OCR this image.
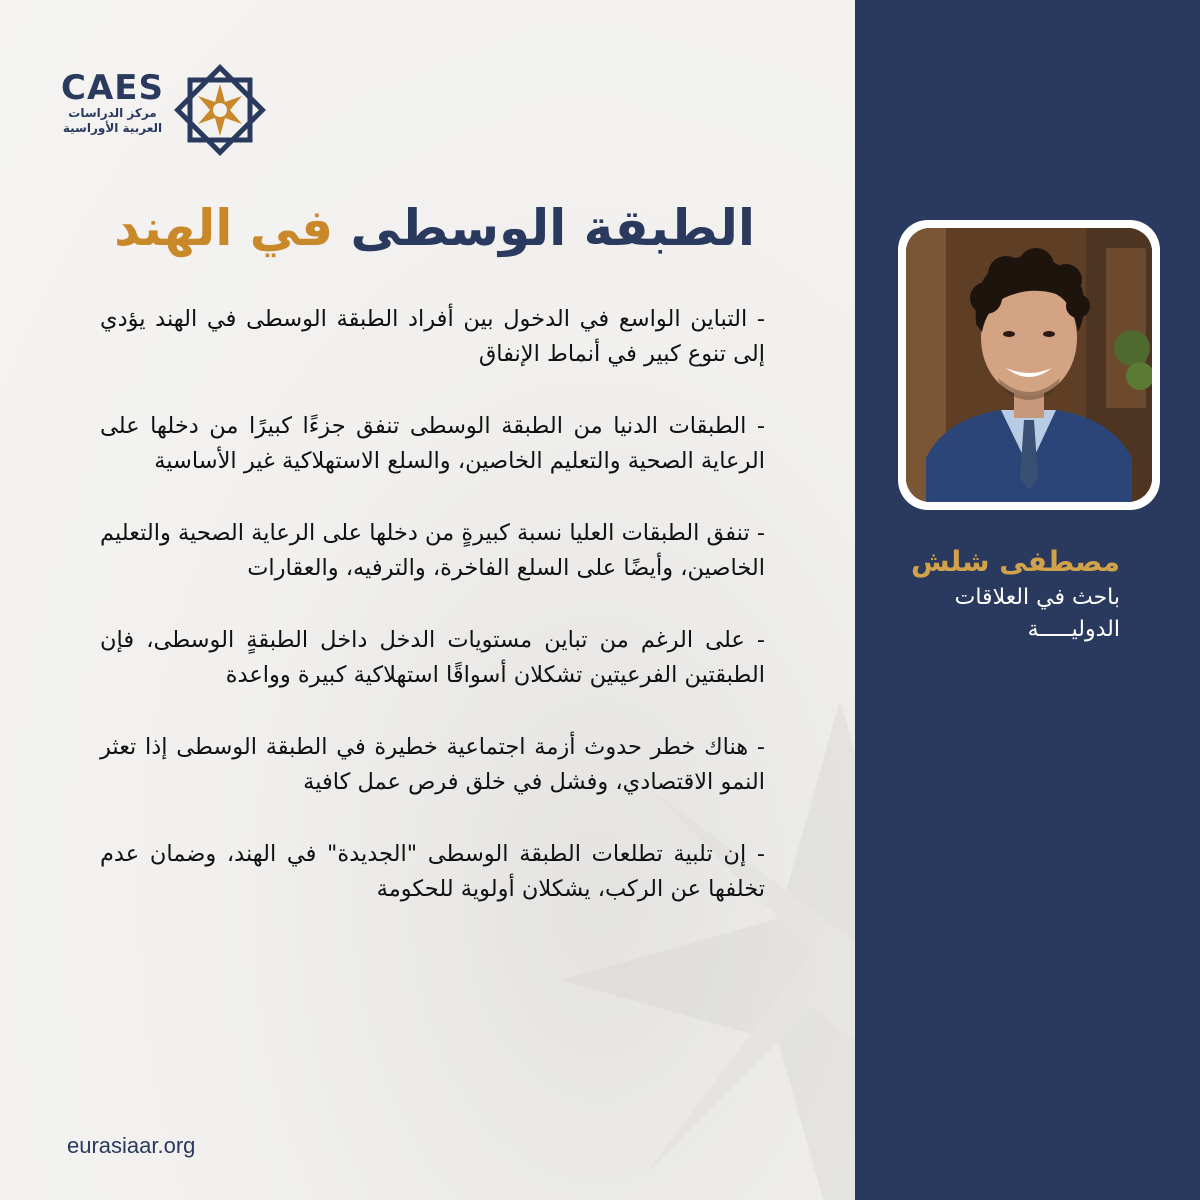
CAES
مركز الدراسات
العربية الأوراسية
الطبقة الوسطى في الهند

- التباين الواسع في الدخول بين أفراد الطبقة الوسطى في الهند يؤدي إلى تنوع كبير في أنماط الإنفاق

- الطبقات الدنيا من الطبقة الوسطى تنفق جزءًا كبيرًا من دخلها على الرعاية الصحية والتعليم الخاصين، والسلع الاستهلاكية غير الأساسية

- تنفق الطبقات العليا نسبة كبيرةٍ من دخلها على الرعاية الصحية والتعليم الخاصين، وأيضًا على السلع الفاخرة، والترفيه، والعقارات

- على الرغم من تباين مستويات الدخل داخل الطبقةٍ الوسطى، فإن الطبقتين الفرعيتين تشكلان أسواقًا استهلاكية كبيرة وواعدة

- هناك خطر حدوث أزمة اجتماعية خطيرة في الطبقة الوسطى إذا تعثر النمو الاقتصادي، وفشل في خلق فرص عمل كافية

- إن تلبية تطلعات الطبقة الوسطى "الجديدة" في الهند، وضمان عدم تخلفها عن الركب، يشكلان أولوية للحكومة

eurasiaar.org
مصطفى شلش
باحث في العلاقات
الدوليـــــة
